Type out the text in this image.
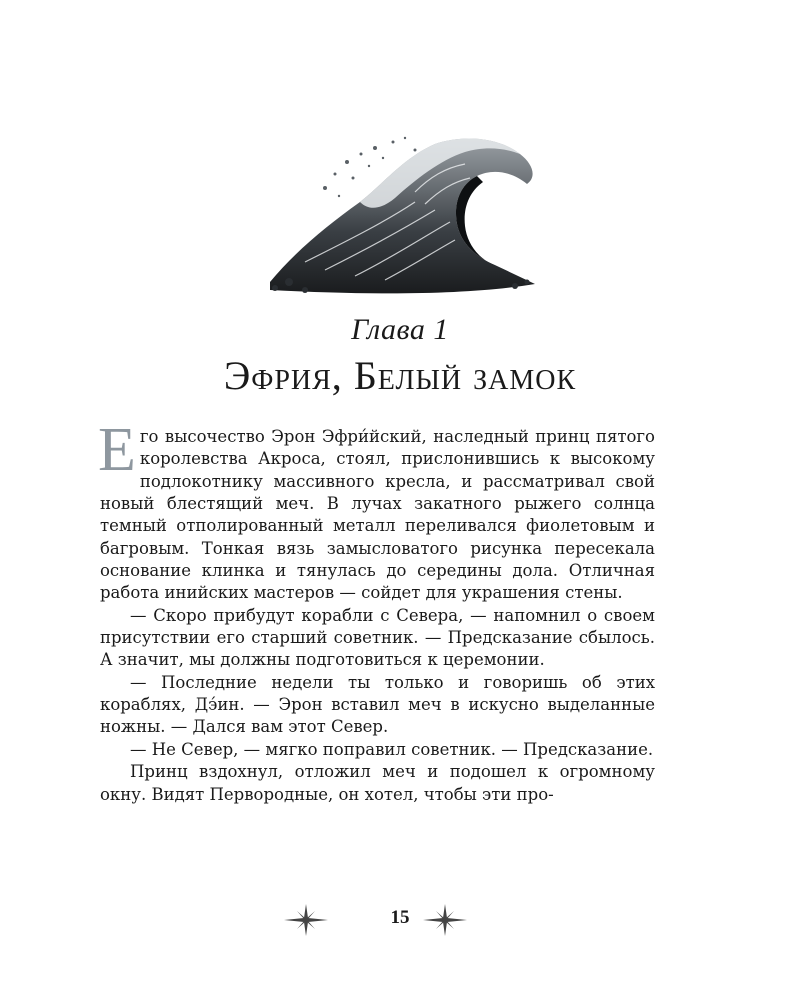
Глава 1
Эфрия, Белый замок

Его высочество Эрон Эфри́йский, наследный принц пятого королевства Акроса, стоял, прислонившись к высокому подлокотнику массивного кресла, и рассматривал свой новый блестящий меч. В лучах закатного рыжего солнца темный отполированный металл переливался фиолетовым и багровым. Тонкая вязь замысловатого рисунка пересекала основание клинка и тянулась до середины дола. Отличная работа инийских мастеров — сойдет для украшения стены.

— Скоро прибудут корабли с Севера, — напомнил о своем присутствии его старший советник. — Предсказание сбылось. А значит, мы должны подготовиться к церемонии.

— Последние недели ты только и говоришь об этих кораблях, Дэ́ин. — Эрон вставил меч в искусно выделанные ножны. — Дался вам этот Север.

— Не Север, — мягко поправил советник. — Предсказание.

Принц вздохнул, отложил меч и подошел к огромному окну. Видят Первородные, он хотел, чтобы эти про-

15
